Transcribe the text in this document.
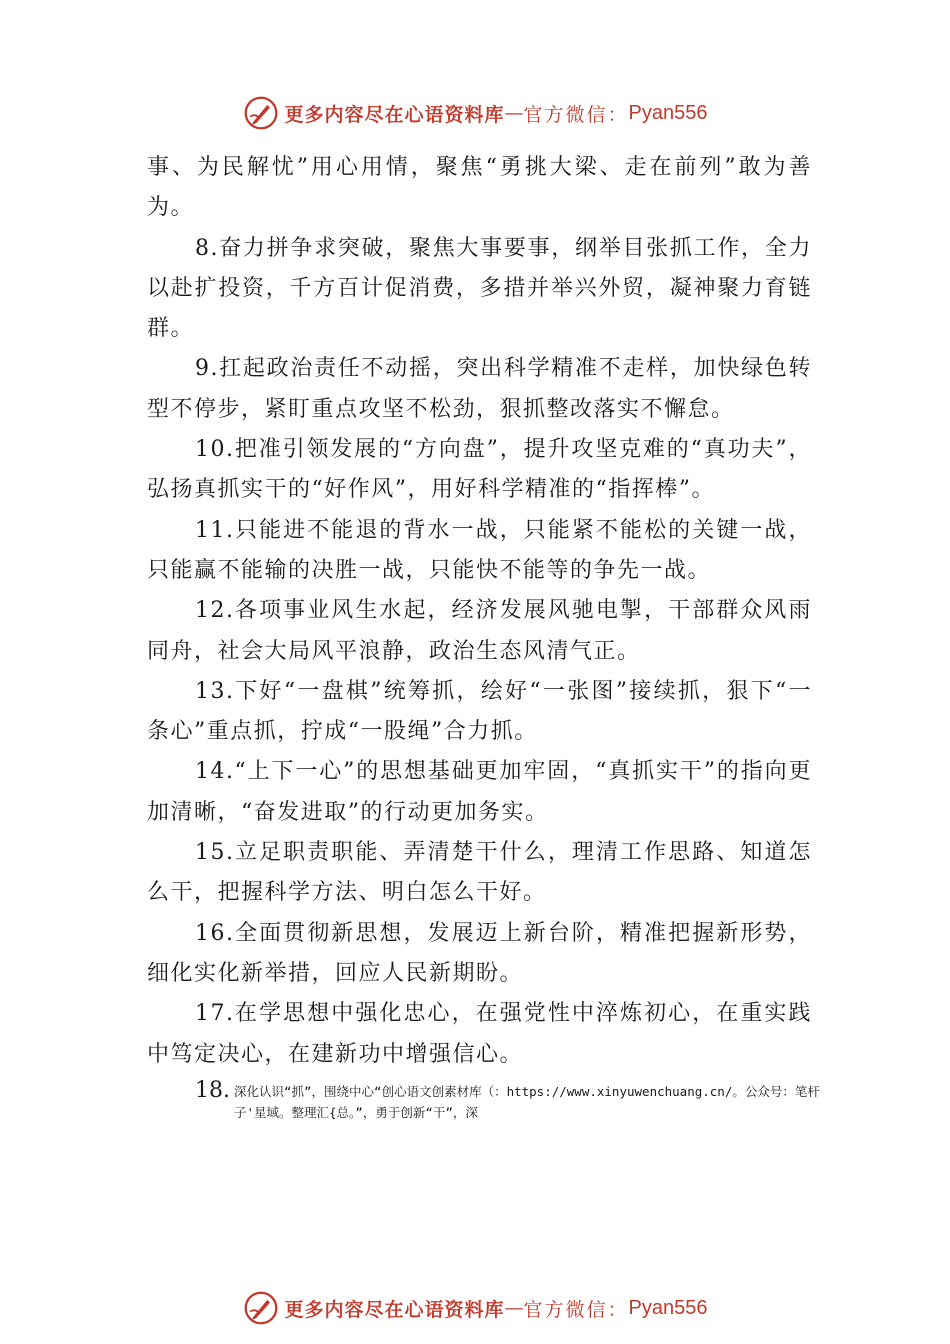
更多内容尽在心语资料库 — 官方微信： Pyan556

事、为民解忧”用心用情，聚焦“勇挑大梁、走在前列”敢为善为。

8.奋力拼争求突破，聚焦大事要事，纲举目张抓工作，全力以赴扩投资，千方百计促消费，多措并举兴外贸，凝神聚力育链群。

9.扛起政治责任不动摇，突出科学精准不走样，加快绿色转型不停步，紧盯重点攻坚不松劲，狠抓整改落实不懈怠。

10.把准引领发展的“方向盘”，提升攻坚克难的“真功夫”，弘扬真抓实干的“好作风”，用好科学精准的“指挥棒”。

11.只能进不能退的背水一战，只能紧不能松的关键一战，只能赢不能输的决胜一战，只能快不能等的争先一战。

12.各项事业风生水起，经济发展风驰电掣，干部群众风雨同舟，社会大局风平浪静，政治生态风清气正。

13.下好“一盘棋”统筹抓，绘好“一张图”接续抓，狠下“一条心”重点抓，拧成“一股绳”合力抓。

14.“上下一心”的思想基础更加牢固，“真抓实干”的指向更加清晰，“奋发进取”的行动更加务实。

15.立足职责职能、弄清楚干什么，理清工作思路、知道怎么干，把握科学方法、明白怎么干好。

16.全面贯彻新思想，发展迈上新台阶，精准把握新形势，细化实化新举措，回应人民新期盼。

17.在学思想中强化忠心，在强党性中淬炼初心，在重实践中笃定决心，在建新功中增强信心。

18. 深化认识“抓”，围绕中心“创心语文创素材库（：https://www.xinyuwenchuang.cn/。公众号：笔杆子'星域。整理汇{总。”，勇于创新“干”，深
更多内容尽在心语资料库 — 官方微信： Pyan556
